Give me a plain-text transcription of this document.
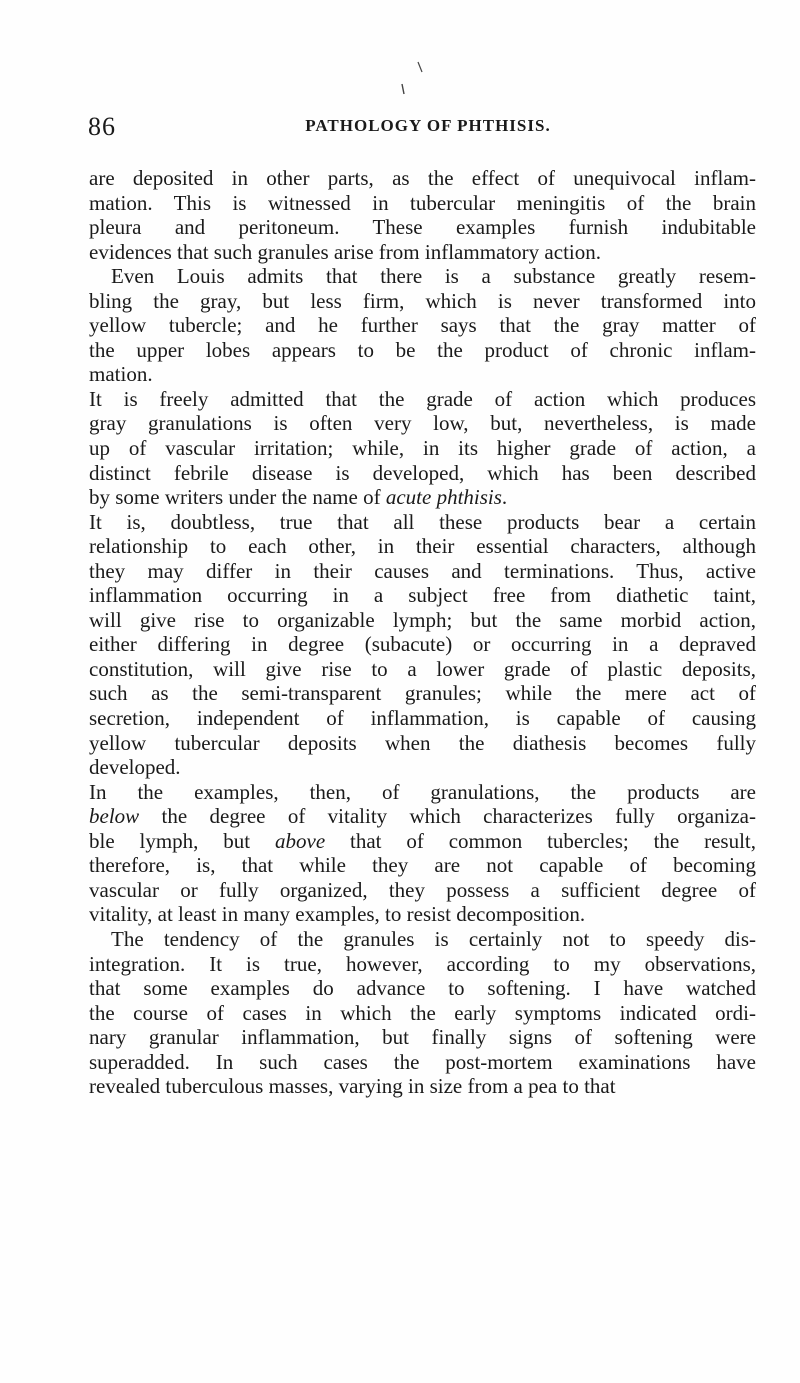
86	PATHOLOGY OF PHTHISIS.
are deposited in other parts, as the effect of unequivocal inflam-
mation. This is witnessed in tubercular meningitis of the brain
pleura and peritoneum. These examples furnish indubitable
evidences that such granules arise from inflammatory action.
Even Louis admits that there is a substance greatly resem-
bling the gray, but less firm, which is never transformed into
yellow tubercle; and he further says that the gray matter of
the upper lobes appears to be the product of chronic inflam-
mation.
It is freely admitted that the grade of action which produces
gray granulations is often very low, but, nevertheless, is made
up of vascular irritation; while, in its higher grade of action, a
distinct febrile disease is developed, which has been described
by some writers under the name of acute phthisis.
It is, doubtless, true that all these products bear a certain
relationship to each other, in their essential characters, although
they may differ in their causes and terminations. Thus, active
inflammation occurring in a subject free from diathetic taint,
will give rise to organizable lymph; but the same morbid action,
either differing in degree (subacute) or occurring in a depraved
constitution, will give rise to a lower grade of plastic deposits,
such as the semi-transparent granules; while the mere act of
secretion, independent of inflammation, is capable of causing
yellow tubercular deposits when the diathesis becomes fully
developed.
In the examples, then, of granulations, the products are
below the degree of vitality which characterizes fully organiza-
ble lymph, but above that of common tubercles; the result,
therefore, is, that while they are not capable of becoming
vascular or fully organized, they possess a sufficient degree of
vitality, at least in many examples, to resist decomposition.
The tendency of the granules is certainly not to speedy dis-
integration. It is true, however, according to my observations,
that some examples do advance to softening. I have watched
the course of cases in which the early symptoms indicated ordi-
nary granular inflammation, but finally signs of softening were
superadded. In such cases the post-mortem examinations have
revealed tuberculous masses, varying in size from a pea to that
